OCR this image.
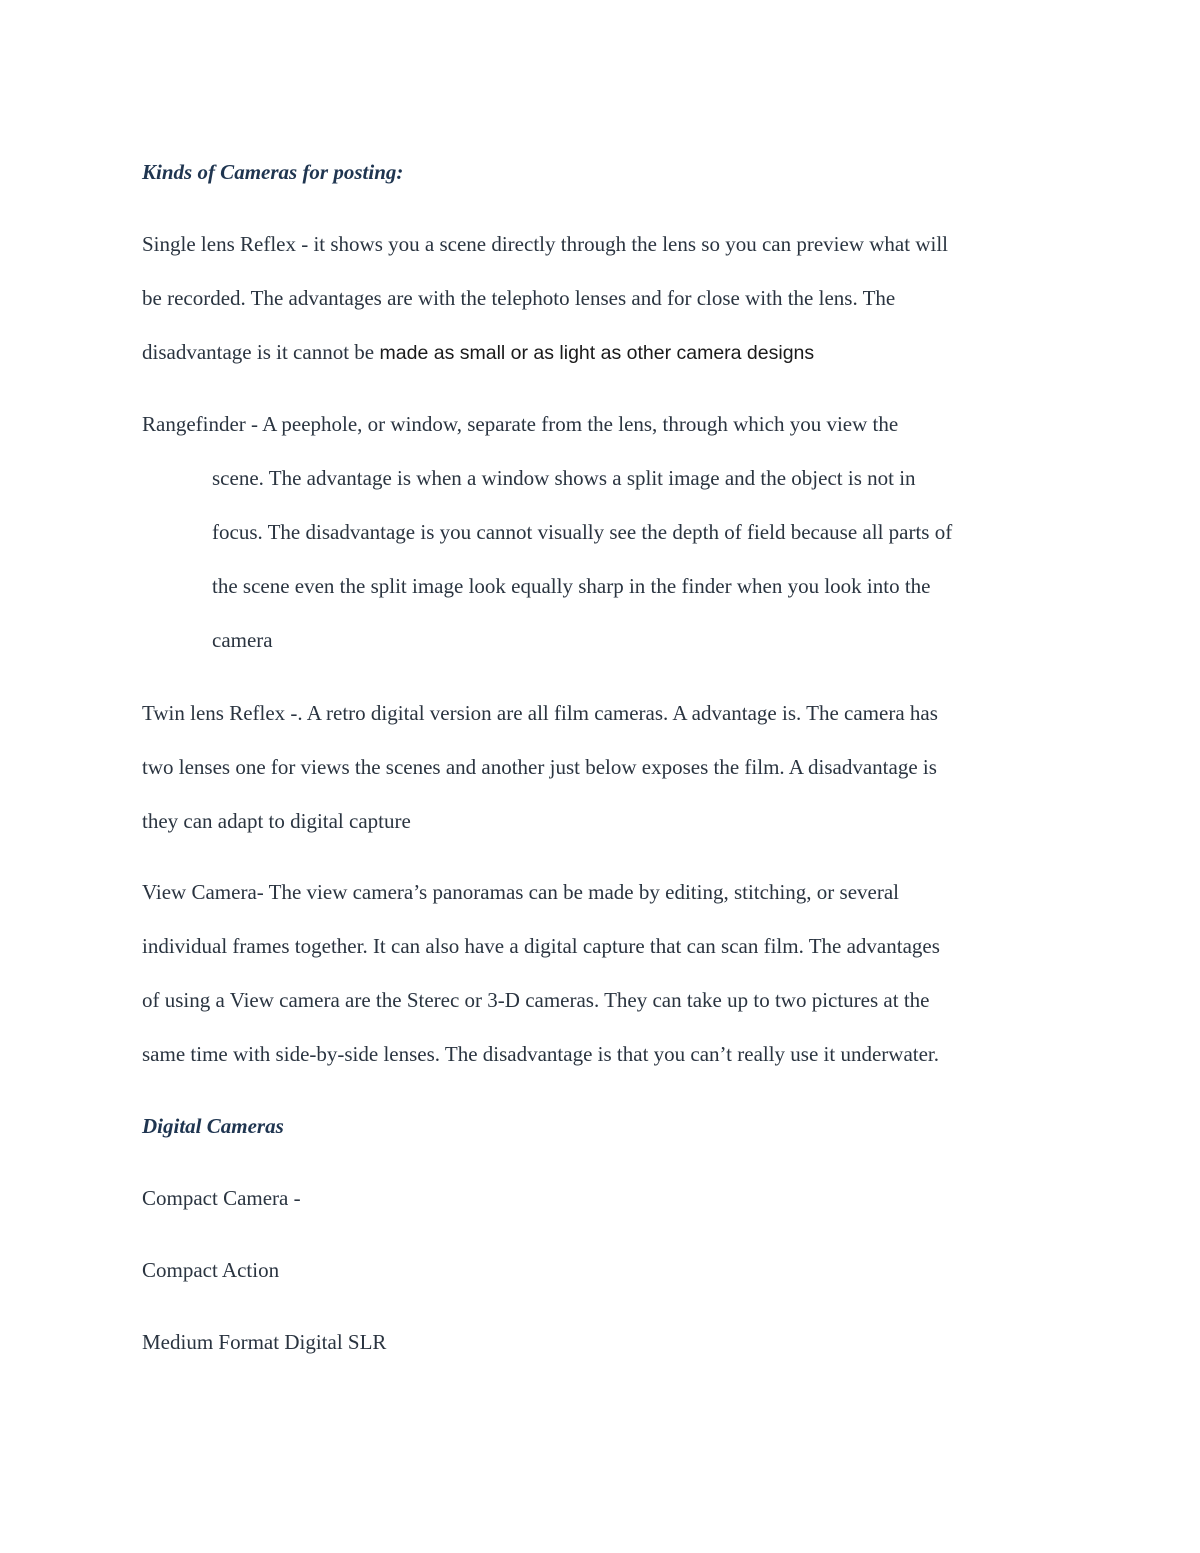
Kinds of Cameras for posting:
Single lens Reflex - it shows you a scene directly through the lens so you can preview what will
be recorded. The advantages are with the telephoto lenses and for close with the lens. The
disadvantage is it cannot be made as small or as light as other camera designs
Rangefinder - A peephole, or window, separate from the lens, through which you view the
scene. The advantage is when a window shows a split image and the object is not in
focus. The disadvantage is you cannot visually see the depth of field because all parts of
the scene even the split image look equally sharp in the finder when you look into the
camera
Twin lens Reflex -. A retro digital version are all film cameras. A advantage is. The camera has
two lenses one for views the scenes and another just below exposes the film. A disadvantage is
they can adapt to digital capture
View Camera- The view camera’s panoramas can be made by editing, stitching, or several
individual frames together. It can also have a digital capture that can scan film. The advantages
of using a View camera are the Sterec or 3-D cameras. They can take up to two pictures at the
same time with side-by-side lenses. The disadvantage is that you can’t really use it underwater.
Digital Cameras
Compact Camera -
Compact Action
Medium Format Digital SLR
